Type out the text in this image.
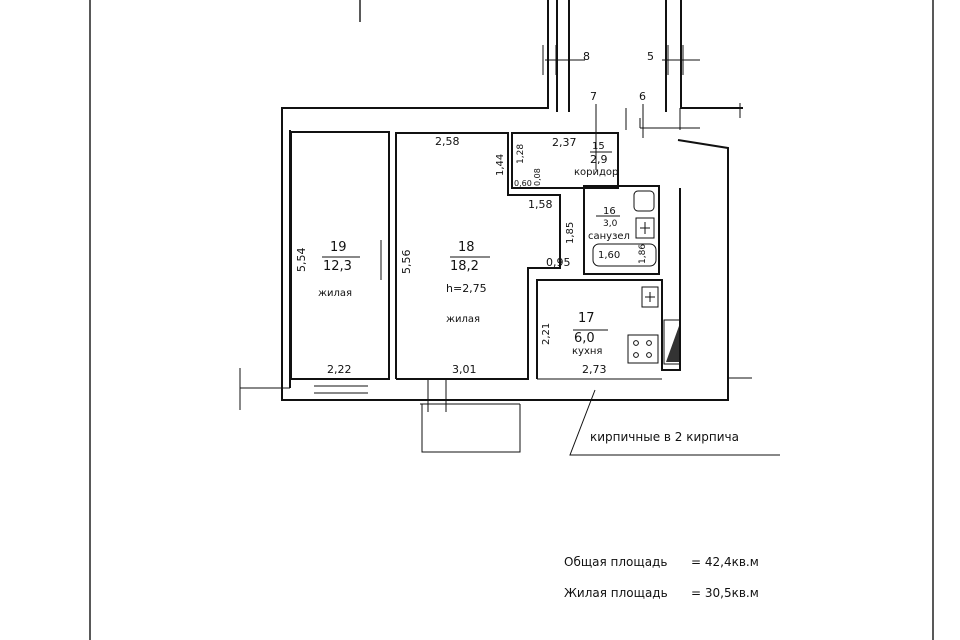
8	5
7	6
19
12,3
жилая
2,22
5,54	18
18,2
h=2,75
жилая
2,58
3,01
5,56
1,44
1,58
1,85
0,95
2,37 15
2,9
коридор
1,28
0,60 0,08
16
3,0
санузел
1,60 1,86
17
6,0
кухня
2,73
2,21
кирпичные в 2 кирпича
Общая площадь = 42,4кв.м
Жилая площадь = 30,5кв.м
